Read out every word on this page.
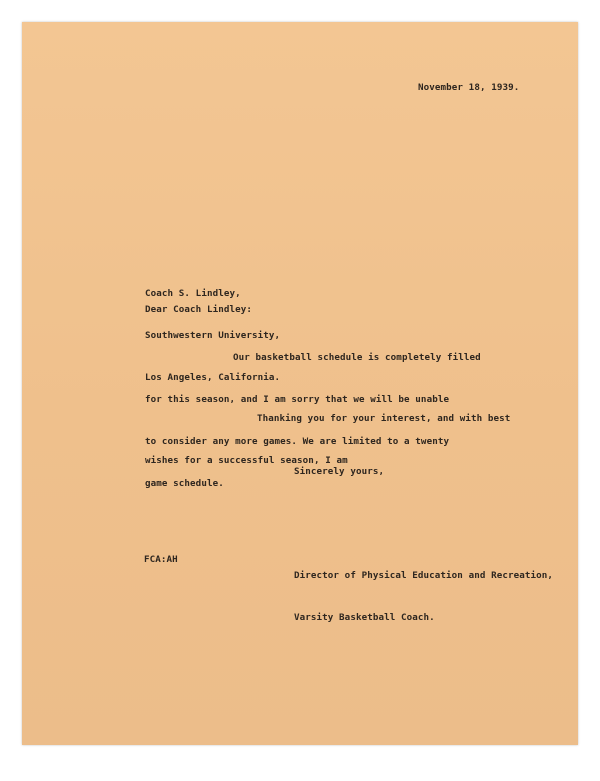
November 18, 1939.

Coach S. Lindley,

Southwestern University,

Los Angeles, California.

Dear Coach Lindley:

Our basketball schedule is completely filled

for this season, and I am sorry that we will be unable

to consider any more games. We are limited to a twenty

game schedule.

Thanking you for your interest, and with best

wishes for a successful season, I am

Sincerely yours,
FCA:AH

Director of Physical Education and Recreation,

Varsity Basketball Coach.
